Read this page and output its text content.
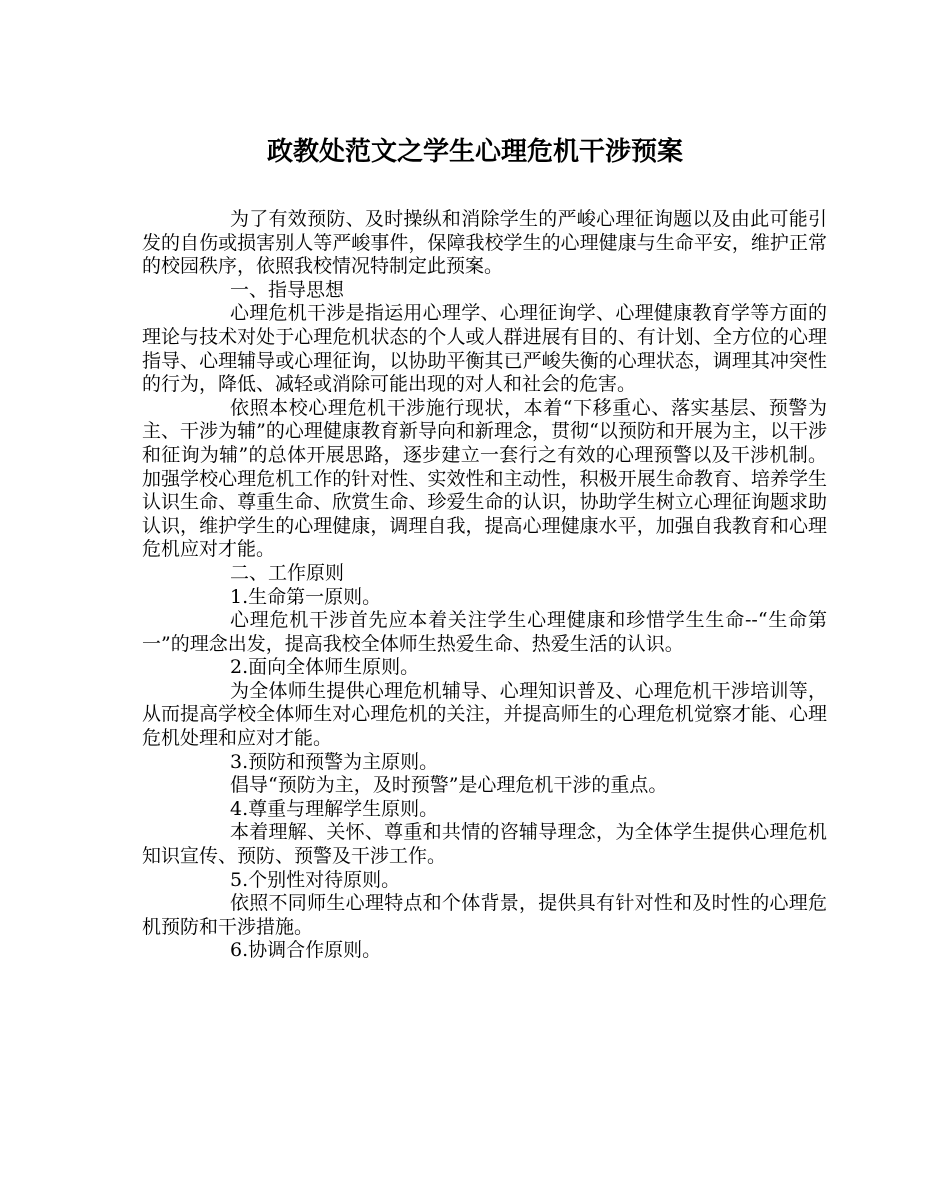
政教处范文之学生心理危机干涉预案

为了有效预防、及时操纵和消除学生的严峻心理征询题以及由此可能引发的自伤或损害别人等严峻事件，保障我校学生的心理健康与生命平安，维护正常的校园秩序，依照我校情况特制定此预案。

一、指导思想

心理危机干涉是指运用心理学、心理征询学、心理健康教育学等方面的理论与技术对处于心理危机状态的个人或人群进展有目的、有计划、全方位的心理指导、心理辅导或心理征询，以协助平衡其已严峻失衡的心理状态，调理其冲突性的行为，降低、减轻或消除可能出现的对人和社会的危害。

依照本校心理危机干涉施行现状，本着“下移重心、落实基层、预警为主、干涉为辅”的心理健康教育新导向和新理念，贯彻“以预防和开展为主，以干涉和征询为辅”的总体开展思路，逐步建立一套行之有效的心理预警以及干涉机制。加强学校心理危机工作的针对性、实效性和主动性，积极开展生命教育、培养学生认识生命、尊重生命、欣赏生命、珍爱生命的认识，协助学生树立心理征询题求助认识，维护学生的心理健康，调理自我，提高心理健康水平，加强自我教育和心理危机应对才能。

二、工作原则

1.生命第一原则。

心理危机干涉首先应本着关注学生心理健康和珍惜学生生命--“生命第一”的理念出发，提高我校全体师生热爱生命、热爱生活的认识。

2.面向全体师生原则。

为全体师生提供心理危机辅导、心理知识普及、心理危机干涉培训等，从而提高学校全体师生对心理危机的关注，并提高师生的心理危机觉察才能、心理危机处理和应对才能。

3.预防和预警为主原则。

倡导“预防为主，及时预警”是心理危机干涉的重点。

4.尊重与理解学生原则。

本着理解、关怀、尊重和共情的咨辅导理念，为全体学生提供心理危机知识宣传、预防、预警及干涉工作。

5.个别性对待原则。

依照不同师生心理特点和个体背景，提供具有针对性和及时性的心理危机预防和干涉措施。

6.协调合作原则。
